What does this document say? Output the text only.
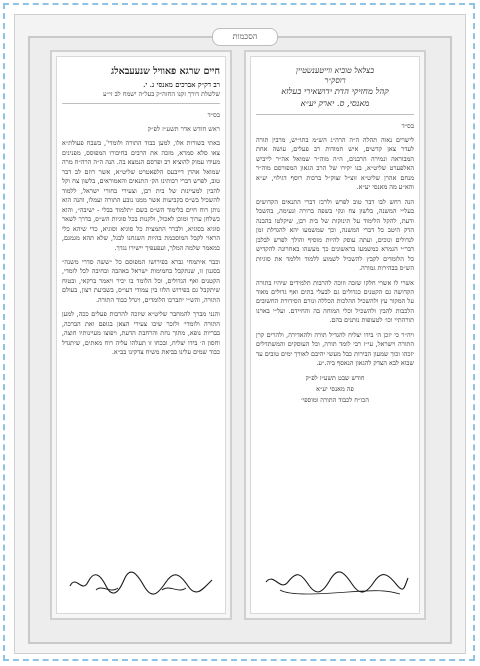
הסכמות

חיים שרגא פאוויל שנעעבאלג

רב דק״ק אברכים מאנסי נ. י.

שלשלת דורך זקנו החזה״ק בעל״ה ישמח לב זי״ע

בס״ד

ראש חודש אדר תשע״ז לפ״ק

באתי בשורות אלו, למען כבוד התורה ולומדי', בשבח פעולת״א צאו סלא סמרא, מזכה את הרבים בחיבורו המפוסס, מפנינים מעידו עמוק להוציא רב ופרסם הנמצא בה. הנה ה״ה הרה״ח מרה שמואל אהרן דייבעס הלפאטרט שליט״א, אשר רוזם לב דבר טוב, לפרש דברי רבותינו הק׳ התנאים והאמוראים, בלשון צח וקל להבין למעיינות של בית רבן, וצעירי בחורי ישראל, ללמוד להשכיל בש״ס בקביעות אשר ממנו נובע התורה ועמלו, והנה הוא נותן רוח חיים בלימוד הש״ס בשם ״תלמוד בבלי - ישיבה״, והוא כשלחן ערוך ומוכן לאכול, ולקנות בכל סוגיות הש״ס, בדרך לשאר סוגיא בסוגיא, ולברר התמצית כל סוגיא וסוגיא, כדי שיהא כלי הראוי לקבל המוסכמת בהיות השגחנו לבגל, שלא תהא מגמגם, כמאמר שלמה המלך, ועפעפיך יישירו נגדך.

וכבר איתמחי גברא בפירושו המפוסם כל ״ששה סדרי משנה״ בסגנון זו, שנתקבל בחמימות ישראל באהבה ובחיבה לכל לומדי, הקטנים ואף הגדולים, וכל הלומד בו יכיר ויאמר ברקאי, ובטוח שיתקבל גם בפירוש הלזו בין עמודי דעו״ס, בשביעת רצון, בעולם התורה, והש״י יתברכו הלומדים, ויגדל כבוד התורה.

והנני מברך להמחבר שליט״א שיזכה להרבות פעלים ככה, למען התורה ולומדי׳ ולזכר שיבו צעירי הצאן בגופם ואת הברכה, בבריות נופא, מתוך נחת והרחבת הדעת, ויפוצו מעיינותיו חוצה, וחסון ה׳ בידו יצליח, ובכחו זו תעלהו עליה רוח מאתים, שיתגדל כבוד שמים עלינו בביאת משיח צדקינו בב״א.

בצלאל טוביא ווייטענשטיין

רוסק״ר

קהל מחזיקי הדת ידושאירי בעלזא

מאנסי, ס. יארק יע״א

בס״ד

לישרים נאוה תהלה ה״ה הרה״ג הש״מ בתו״יש, מרבין תורה לעדר צאן קדשים, איש חמודות רב פעלים, עושה אחת המבוראה ונמירה הרבנים, ה״ה מוה״ר שמואל אה״ר לייביש האלפערט שליט״א, בנו יקירו של הרב הגאון המפורסם מוה״ר מנחם אהרן שליט״א זוצ״ל זצוק״ל ברכות רוסף דגילוי, יע״א והא״ע מה מאנסי יע״א.

הנה רחש לבו דבר טוב לפרש ולרכז דברי התנאים הקדושים בעל״י המשנה, בלשון צח ונקי בשפה ברורה ונעימה, בהשכל ודעת, להקל הלימוד על תינוקות של בית רבן, שיקלטו בהבנה הדק היטב כל דברי המשנה, וכך שמשמעו יהא להגדלת זמן לנדולים ונוכים, ועתה עוסק להיות מוסיף והולך לפרש לבלבן דבר״י הגמרא כמשמעו בראשונים כך מעשהו באחרונה להקדיש כל הלומדים לקבץ להשכיל לשמוע ללמוד וללמד את סוגיות הש״ס בבהירות גמורה.

אשרי לו אשרי חלקו שזכה וזוכה להרבות תלמידים שיהיו בתורה הקדושה גם הקטנים כגדולים גם לבעלי בתים ואף גדולים מאוד על המקור עץ ולהשכיל ההלכות הכללה ונורם הסידורת החשובים הלכבות להבין ולהשכיל וכלי המוחה בה והחיידם. ועל״י בארנו תורהתיי וכו׳ לטעופות נותנים בהם.

ויה״ר כי יזכן ה׳ בידו יצליח להגדיל תורה ולהאדירה, ולהרים קרן התורה וישראל, עי״ז רבי לומד תורה, וכל העוסקים והמשתדלים יזכהו וכוך שמעון הבירות כבל מעשי יהיבם לאורך ימים טובים עד שבוא לבא הצדק להגאון הנאסף ביה.״ע.

חודש שבט תשע״ז לפ״ק

פה מאנסי יע״א

הכו״ח לכבוד התורה ומוספי׳
